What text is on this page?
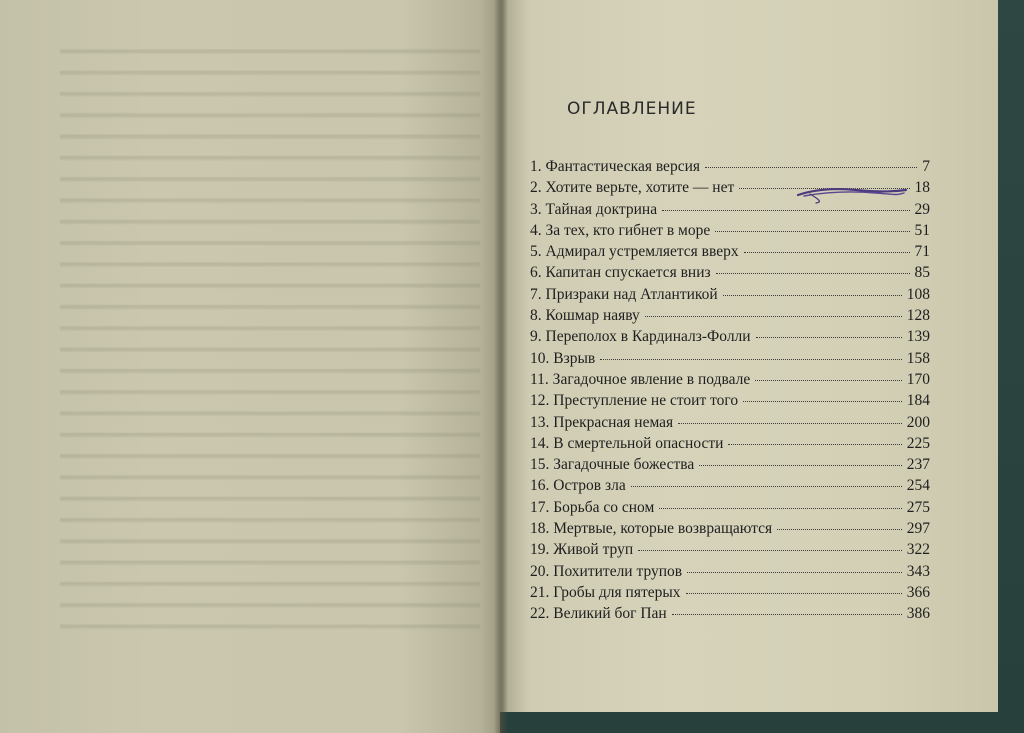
ОГЛАВЛЕНИЕ
1. Фантастическая версия	7
2. Хотите верьте, хотите — нет	18
3. Тайная доктрина	29
4. За тех, кто гибнет в море	51
5. Адмирал устремляется вверх	71
6. Капитан спускается вниз	85
7. Призраки над Атлантикой	108
8. Кошмар наяву	128
9. Переполох в Кардиналз-Фолли	139
10. Взрыв	158
11. Загадочное явление в подвале	170
12. Преступление не стоит того	184
13. Прекрасная немая	200
14. В смертельной опасности	225
15. Загадочные божества	237
16. Остров зла	254
17. Борьба со сном	275
18. Мертвые, которые возвращаются	297
19. Живой труп	322
20. Похитители трупов	343
21. Гробы для пятерых	366
22. Великий бог Пан	386
